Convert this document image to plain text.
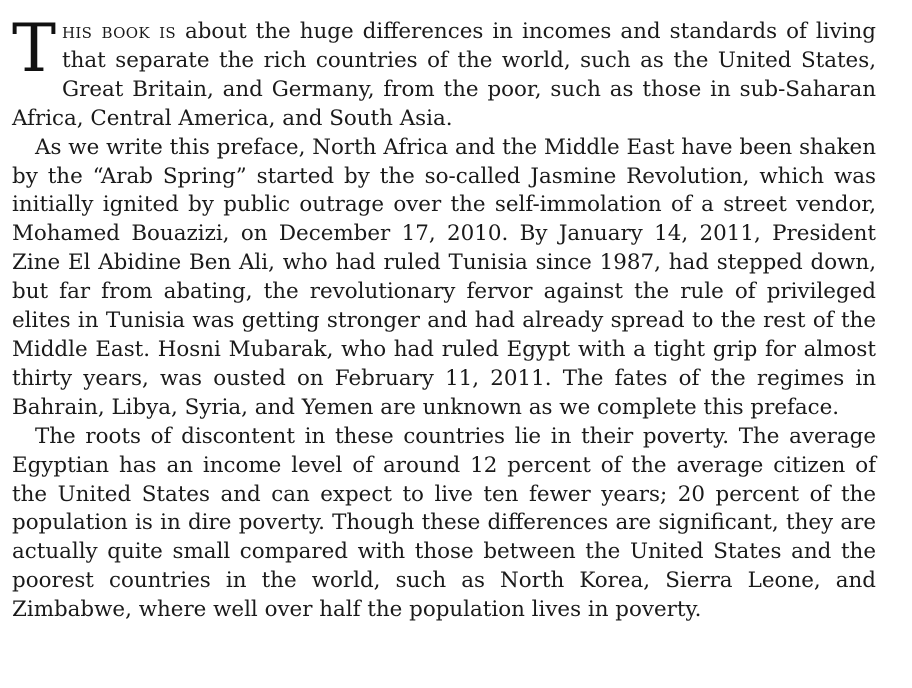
This book is about the huge differences in incomes and standards of living that separate the rich countries of the world, such as the United States, Great Britain, and Germany, from the poor, such as those in sub-Saharan Africa, Central America, and South Asia.

As we write this preface, North Africa and the Middle East have been shaken by the “Arab Spring” started by the so-called Jasmine Revolution, which was initially ignited by public outrage over the self-immolation of a street vendor, Mohamed Bouazizi, on December 17, 2010. By January 14, 2011, President Zine El Abidine Ben Ali, who had ruled Tunisia since 1987, had stepped down, but far from abating, the revolutionary fervor against the rule of privileged elites in Tunisia was getting stronger and had already spread to the rest of the Middle East. Hosni Mubarak, who had ruled Egypt with a tight grip for almost thirty years, was ousted on February 11, 2011. The fates of the regimes in Bahrain, Libya, Syria, and Yemen are unknown as we complete this preface.

The roots of discontent in these countries lie in their poverty. The average Egyptian has an income level of around 12 percent of the average citizen of the United States and can expect to live ten fewer years; 20 percent of the population is in dire poverty. Though these differences are significant, they are actually quite small compared with those between the United States and the poorest countries in the world, such as North Korea, Sierra Leone, and Zimbabwe, where well over half the population lives in poverty.
